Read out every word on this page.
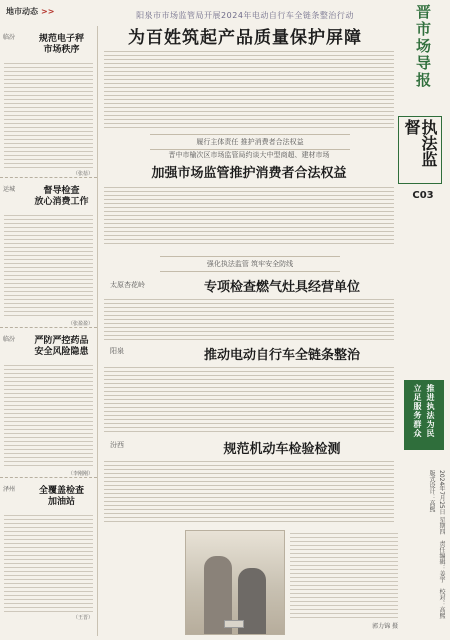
地市动态 >>
临汾	规范电子秤
市场秩序
（张蓓）
运城	督导检查
放心消费工作
（张盈盈）
临汾	严防严控药品
安全风险隐患
（李刚刚）
泽州	全覆盖检查
加油站
（王晋）
阳泉市市场监管局开展2024年电动自行车全链条整治行动
为百姓筑起产品质量保护屏障	晋市场导报
执法监督
C03
履行主体责任 推护消费者合法权益
晋中市榆次区市场监管局约谈大中型商超、建材市场
加强市场监管推护消费者合法权益
强化执法监管 筑牢安全防线
太原杏花岭	专项检查燃气灶具经营单位
阳泉	推动电动自行车全链条整治
汾西	规范机动车检验检测
郭力锦 摄
立足服务群众 推进执法为民
2024年7月25日 星期四　责任编辑：姜宇　校对：高熙　版式设计：高熙
